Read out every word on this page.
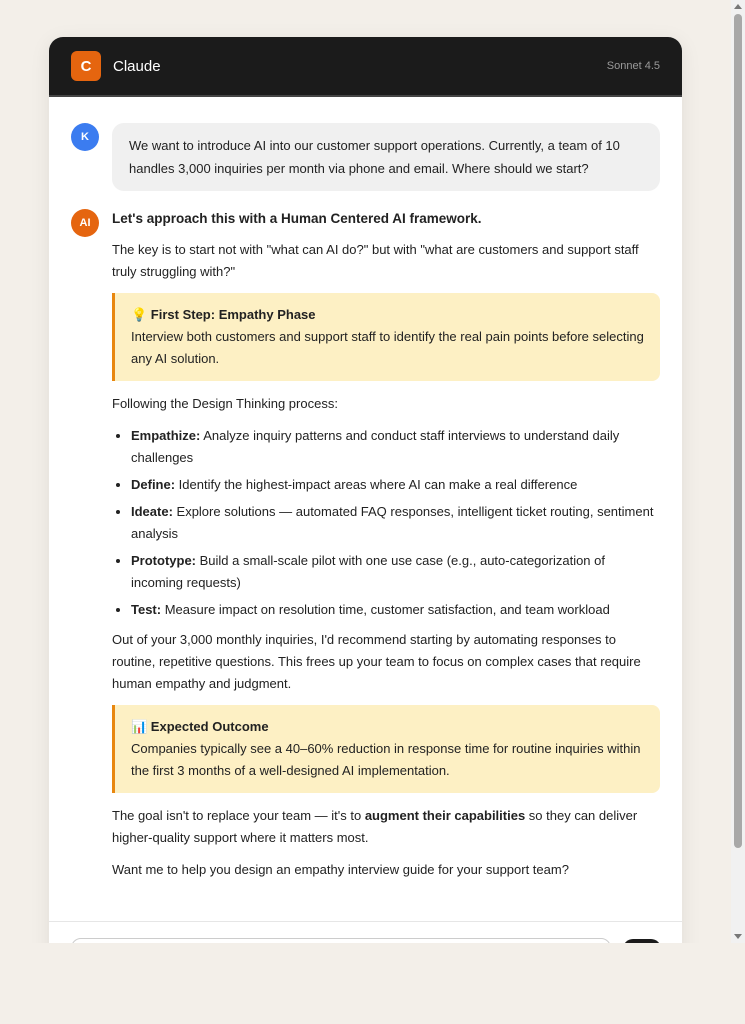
C	Claude	Sonnet 4.5
K
We want to introduce AI into our customer support operations. Currently, a team of 10 handles 3,000 inquiries per month via phone and email. Where should we start?
AI	Let's approach this with a Human Centered AI framework.

The key is to start not with "what can AI do?" but with "what are customers and support staff truly struggling with?"

💡 First Step: Empathy Phase
Interview both customers and support staff to identify the real pain points before selecting any AI solution.

Following the Design Thinking process:

• Empathize: Analyze inquiry patterns and conduct staff interviews to understand daily challenges
• Define: Identify the highest-impact areas where AI can make a real difference
• Ideate: Explore solutions — automated FAQ responses, intelligent ticket routing, sentiment analysis
• Prototype: Build a small-scale pilot with one use case (e.g., auto-categorization of incoming requests)
• Test: Measure impact on resolution time, customer satisfaction, and team workload

Out of your 3,000 monthly inquiries, I'd recommend starting by automating responses to routine, repetitive questions. This frees up your team to focus on complex cases that require human empathy and judgment.

📊 Expected Outcome
Companies typically see a 40–60% reduction in response time for routine inquiries within the first 3 months of a well-designed AI implementation.

The goal isn't to replace your team — it's to augment their capabilities so they can deliver higher-quality support where it matters most.

Want me to help you design an empathy interview guide for your support team?
